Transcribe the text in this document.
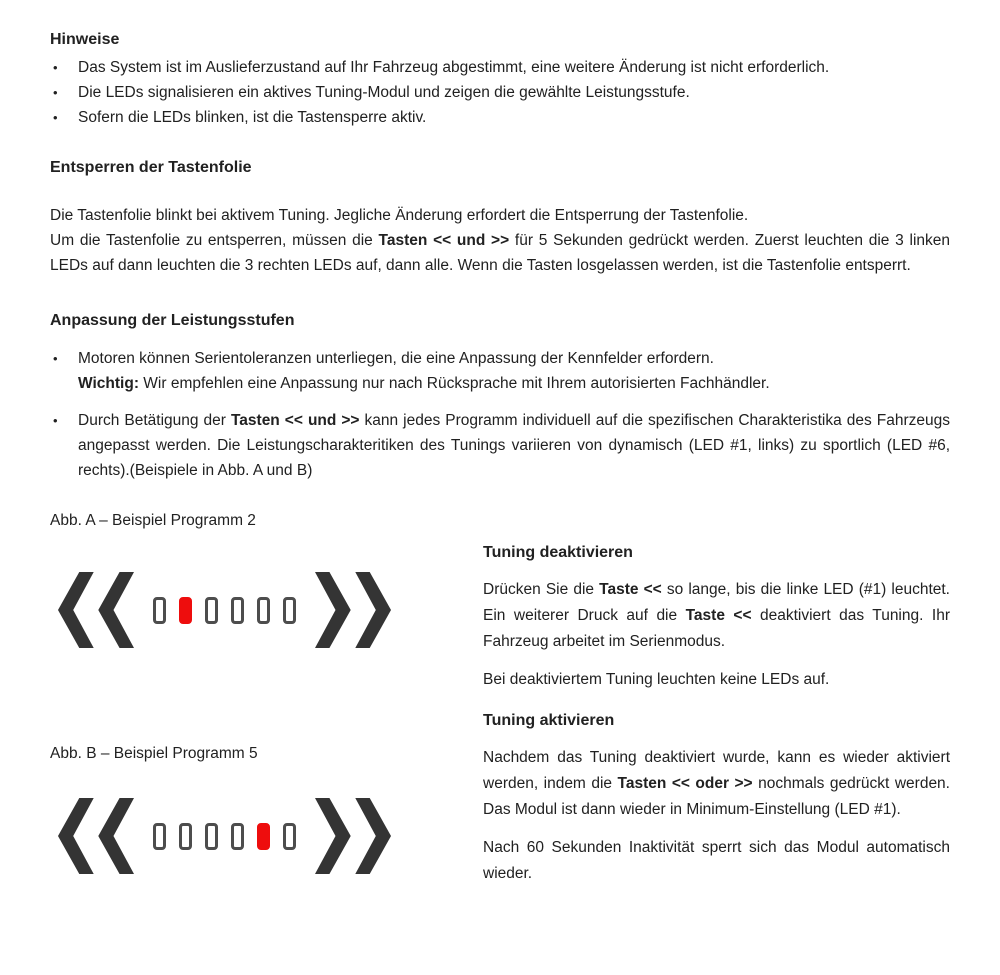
Hinweise
•	Das System ist im Auslieferzustand auf Ihr Fahrzeug abgestimmt, eine weitere Änderung ist nicht erforderlich.
•	Die LEDs signalisieren ein aktives Tuning-Modul und zeigen die gewählte Leistungsstufe.
•	Sofern die LEDs blinken, ist die Tastensperre aktiv.
Entsperren der Tastenfolie

Die Tastenfolie blinkt bei aktivem Tuning. Jegliche Änderung erfordert die Entsperrung der Tastenfolie.

Um die Tastenfolie zu entsperren, müssen die Tasten << und >> für 5 Sekunden gedrückt werden. Zuerst leuchten die 3 linken LEDs auf dann leuchten die 3 rechten LEDs auf, dann alle. Wenn die Tasten losgelassen werden, ist die Tastenfolie entsperrt.

Anpassung der Leistungsstufen
•	Motoren können Serientoleranzen unterliegen, die eine Anpassung der Kennfelder erfordern.
Wichtig: Wir empfehlen eine Anpassung nur nach Rücksprache mit Ihrem autorisierten Fachhändler.
•	Durch Betätigung der Tasten << und >> kann jedes Programm individuell auf die spezifischen Charakteristika des Fahrzeugs angepasst werden. Die Leistungscharakteritiken des Tunings variieren von dynamisch (LED #1, links) zu sportlich (LED #6, rechts).(Beispiele in Abb. A und B)
Abb. A – Beispiel Programm 2
Abb. B – Beispiel Programm 5
Tuning deaktivieren

Drücken Sie die Taste << so lange, bis die linke LED (#1) leuchtet. Ein weiterer Druck auf die Taste << deaktiviert das Tuning. Ihr Fahrzeug arbeitet im Serienmodus.

Bei deaktiviertem Tuning leuchten keine LEDs auf.

Tuning aktivieren

Nachdem das Tuning deaktiviert wurde, kann es wieder aktiviert werden, indem die Tasten << oder >> nochmals gedrückt werden. Das Modul ist dann wieder in Minimum-Einstellung (LED #1).

Nach 60 Sekunden Inaktivität sperrt sich das Modul automatisch wieder.
